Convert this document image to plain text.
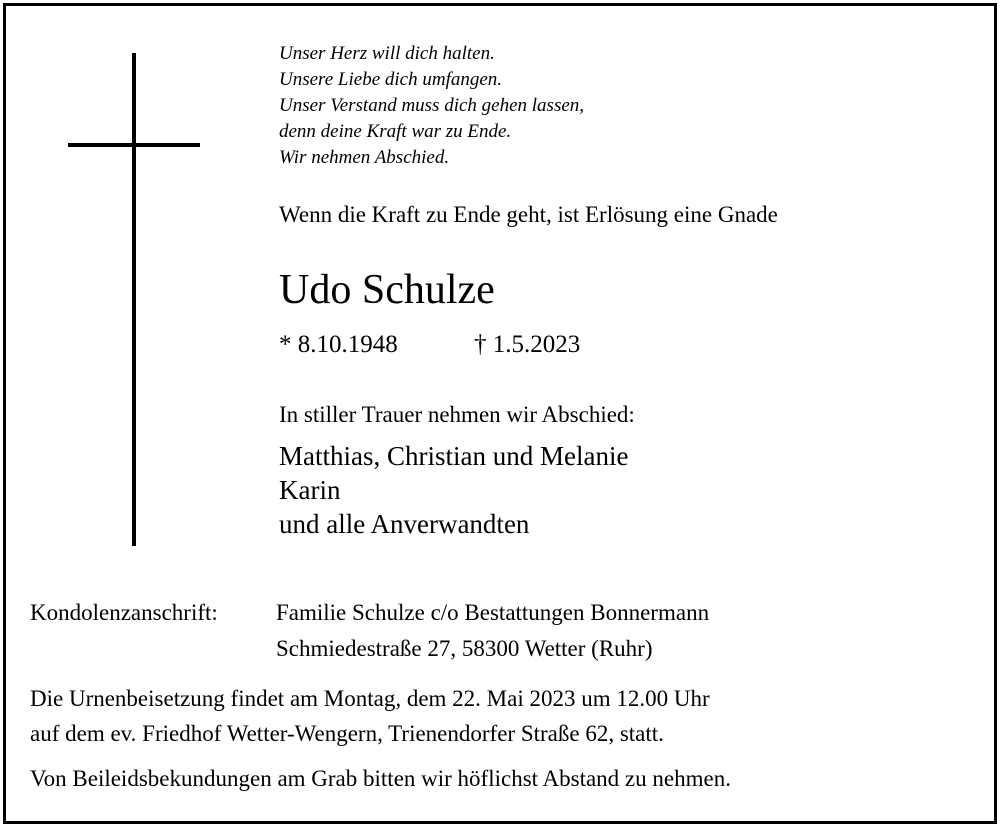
Unser Herz will dich halten.
Unsere Liebe dich umfangen.
Unser Verstand muss dich gehen lassen,
denn deine Kraft war zu Ende.
Wir nehmen Abschied.
Wenn die Kraft zu Ende geht, ist Erlösung eine Gnade
Udo Schulze
* 8.10.1948	† 1.5.2023
In stiller Trauer nehmen wir Abschied:
Matthias, Christian und Melanie
Karin
und alle Anverwandten
Kondolenzanschrift:	Familie Schulze c/o Bestattungen Bonnermann
Schmiedestraße 27, 58300 Wetter (Ruhr)
Die Urnenbeisetzung findet am Montag, dem 22. Mai 2023 um 12.00 Uhr
auf dem ev. Friedhof Wetter-Wengern, Trienendorfer Straße 62, statt.
Von Beileidsbekundungen am Grab bitten wir höflichst Abstand zu nehmen.
